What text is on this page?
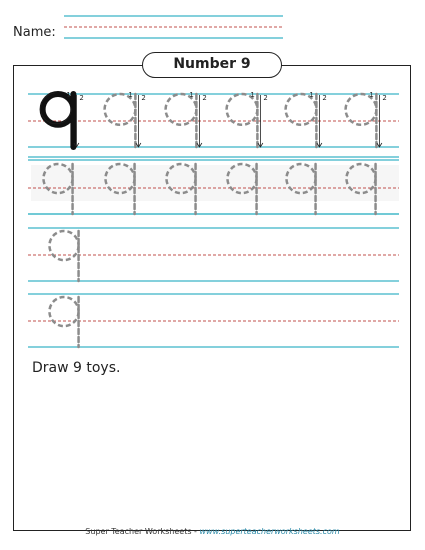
Name:
Number 9
1 2	1 2	1 2	1 2	1 2	1 2
Draw 9 toys.
Super Teacher Worksheets - www.superteacherworksheets.com
